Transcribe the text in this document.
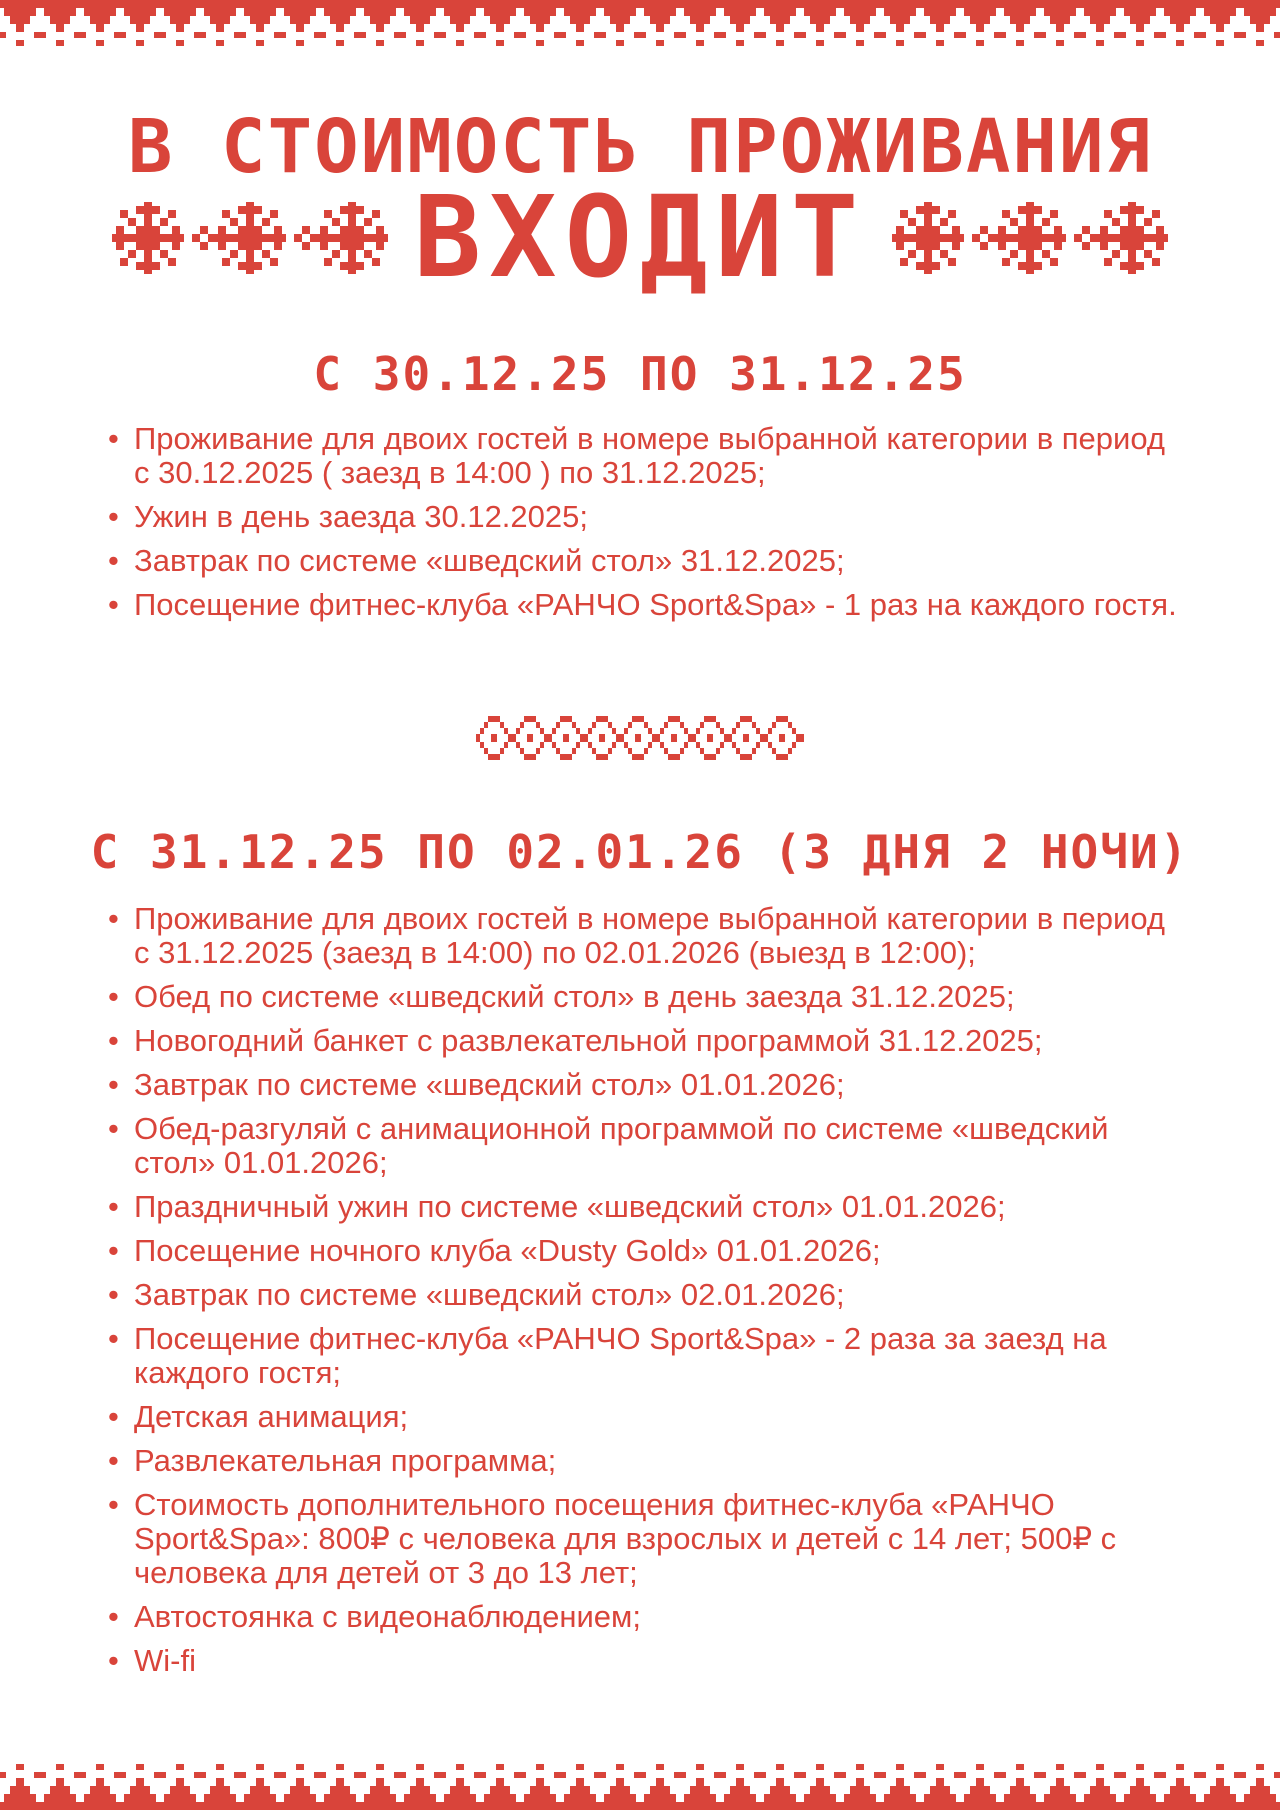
В СТОИМОСТЬ ПРОЖИВАНИЯ
ВХОДИТ
С 30.12.25 ПО 31.12.25
• Проживание для двоих гостей в номере выбранной категории в период с 30.12.2025 ( заезд в 14:00 ) по 31.12.2025;
• Ужин в день заезда 30.12.2025;
• Завтрак по системе «шведский стол» 31.12.2025;
• Посещение фитнес-клуба «РАНЧО Sport&Spa» - 1 раз на каждого гостя.
С 31.12.25 ПО 02.01.26 (3 ДНЯ 2 НОЧИ)
• Проживание для двоих гостей в номере выбранной категории в период с 31.12.2025 (заезд в 14:00) по 02.01.2026 (выезд в 12:00);
• Обед по системе «шведский стол» в день заезда 31.12.2025;
• Новогодний банкет с развлекательной программой 31.12.2025;
• Завтрак по системе «шведский стол» 01.01.2026;
• Обед-разгуляй с анимационной программой по системе «шведский стол» 01.01.2026;
• Праздничный ужин по системе «шведский стол» 01.01.2026;
• Посещение ночного клуба «Dusty Gold» 01.01.2026;
• Завтрак по системе «шведский стол» 02.01.2026;
• Посещение фитнес-клуба «РАНЧО Sport&Spa» - 2 раза за заезд на каждого гостя;
• Детская анимация;
• Развлекательная программа;
• Стоимость дополнительного посещения фитнес-клуба «РАНЧО Sport&Spa»: 800₽ с человека для взрослых и детей с 14 лет; 500₽ с человека для детей от 3 до 13 лет;
• Автостоянка с видеонаблюдением;
• Wi-fi
